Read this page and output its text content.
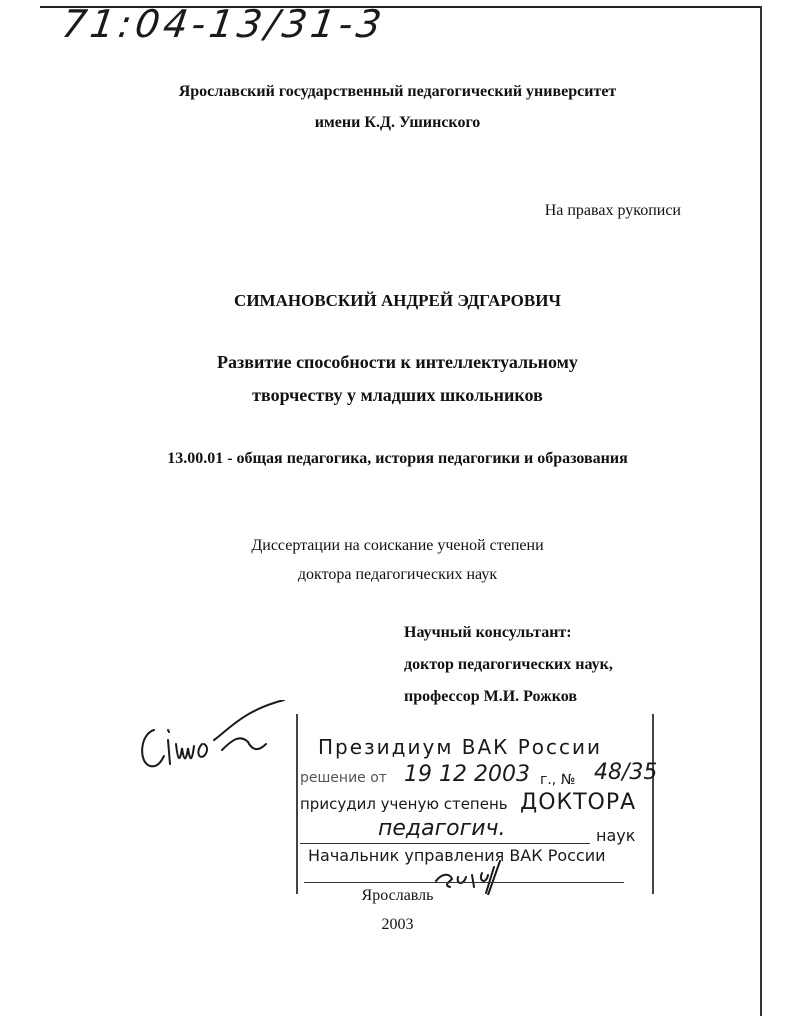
71:04-13/31-3
Ярославский государственный педагогический университет
имени К.Д. Ушинского
На правах рукописи
СИМАНОВСКИЙ АНДРЕЙ ЭДГАРОВИЧ
Развитие способности к интеллектуальному
творчеству у младших школьников
13.00.01 - общая педагогика, история педагогики и образования
Диссертации на соискание ученой степени
доктора педагогических наук
Научный консультант:
доктор педагогических наук,
профессор М.И. Рожков
Президиум ВАК России
решение от 19 12 2003 г., № 48/35
присудил ученую степень ДОКТОРА
педагогич.	наук
Начальник управления ВАК России
Ярославль
2003
